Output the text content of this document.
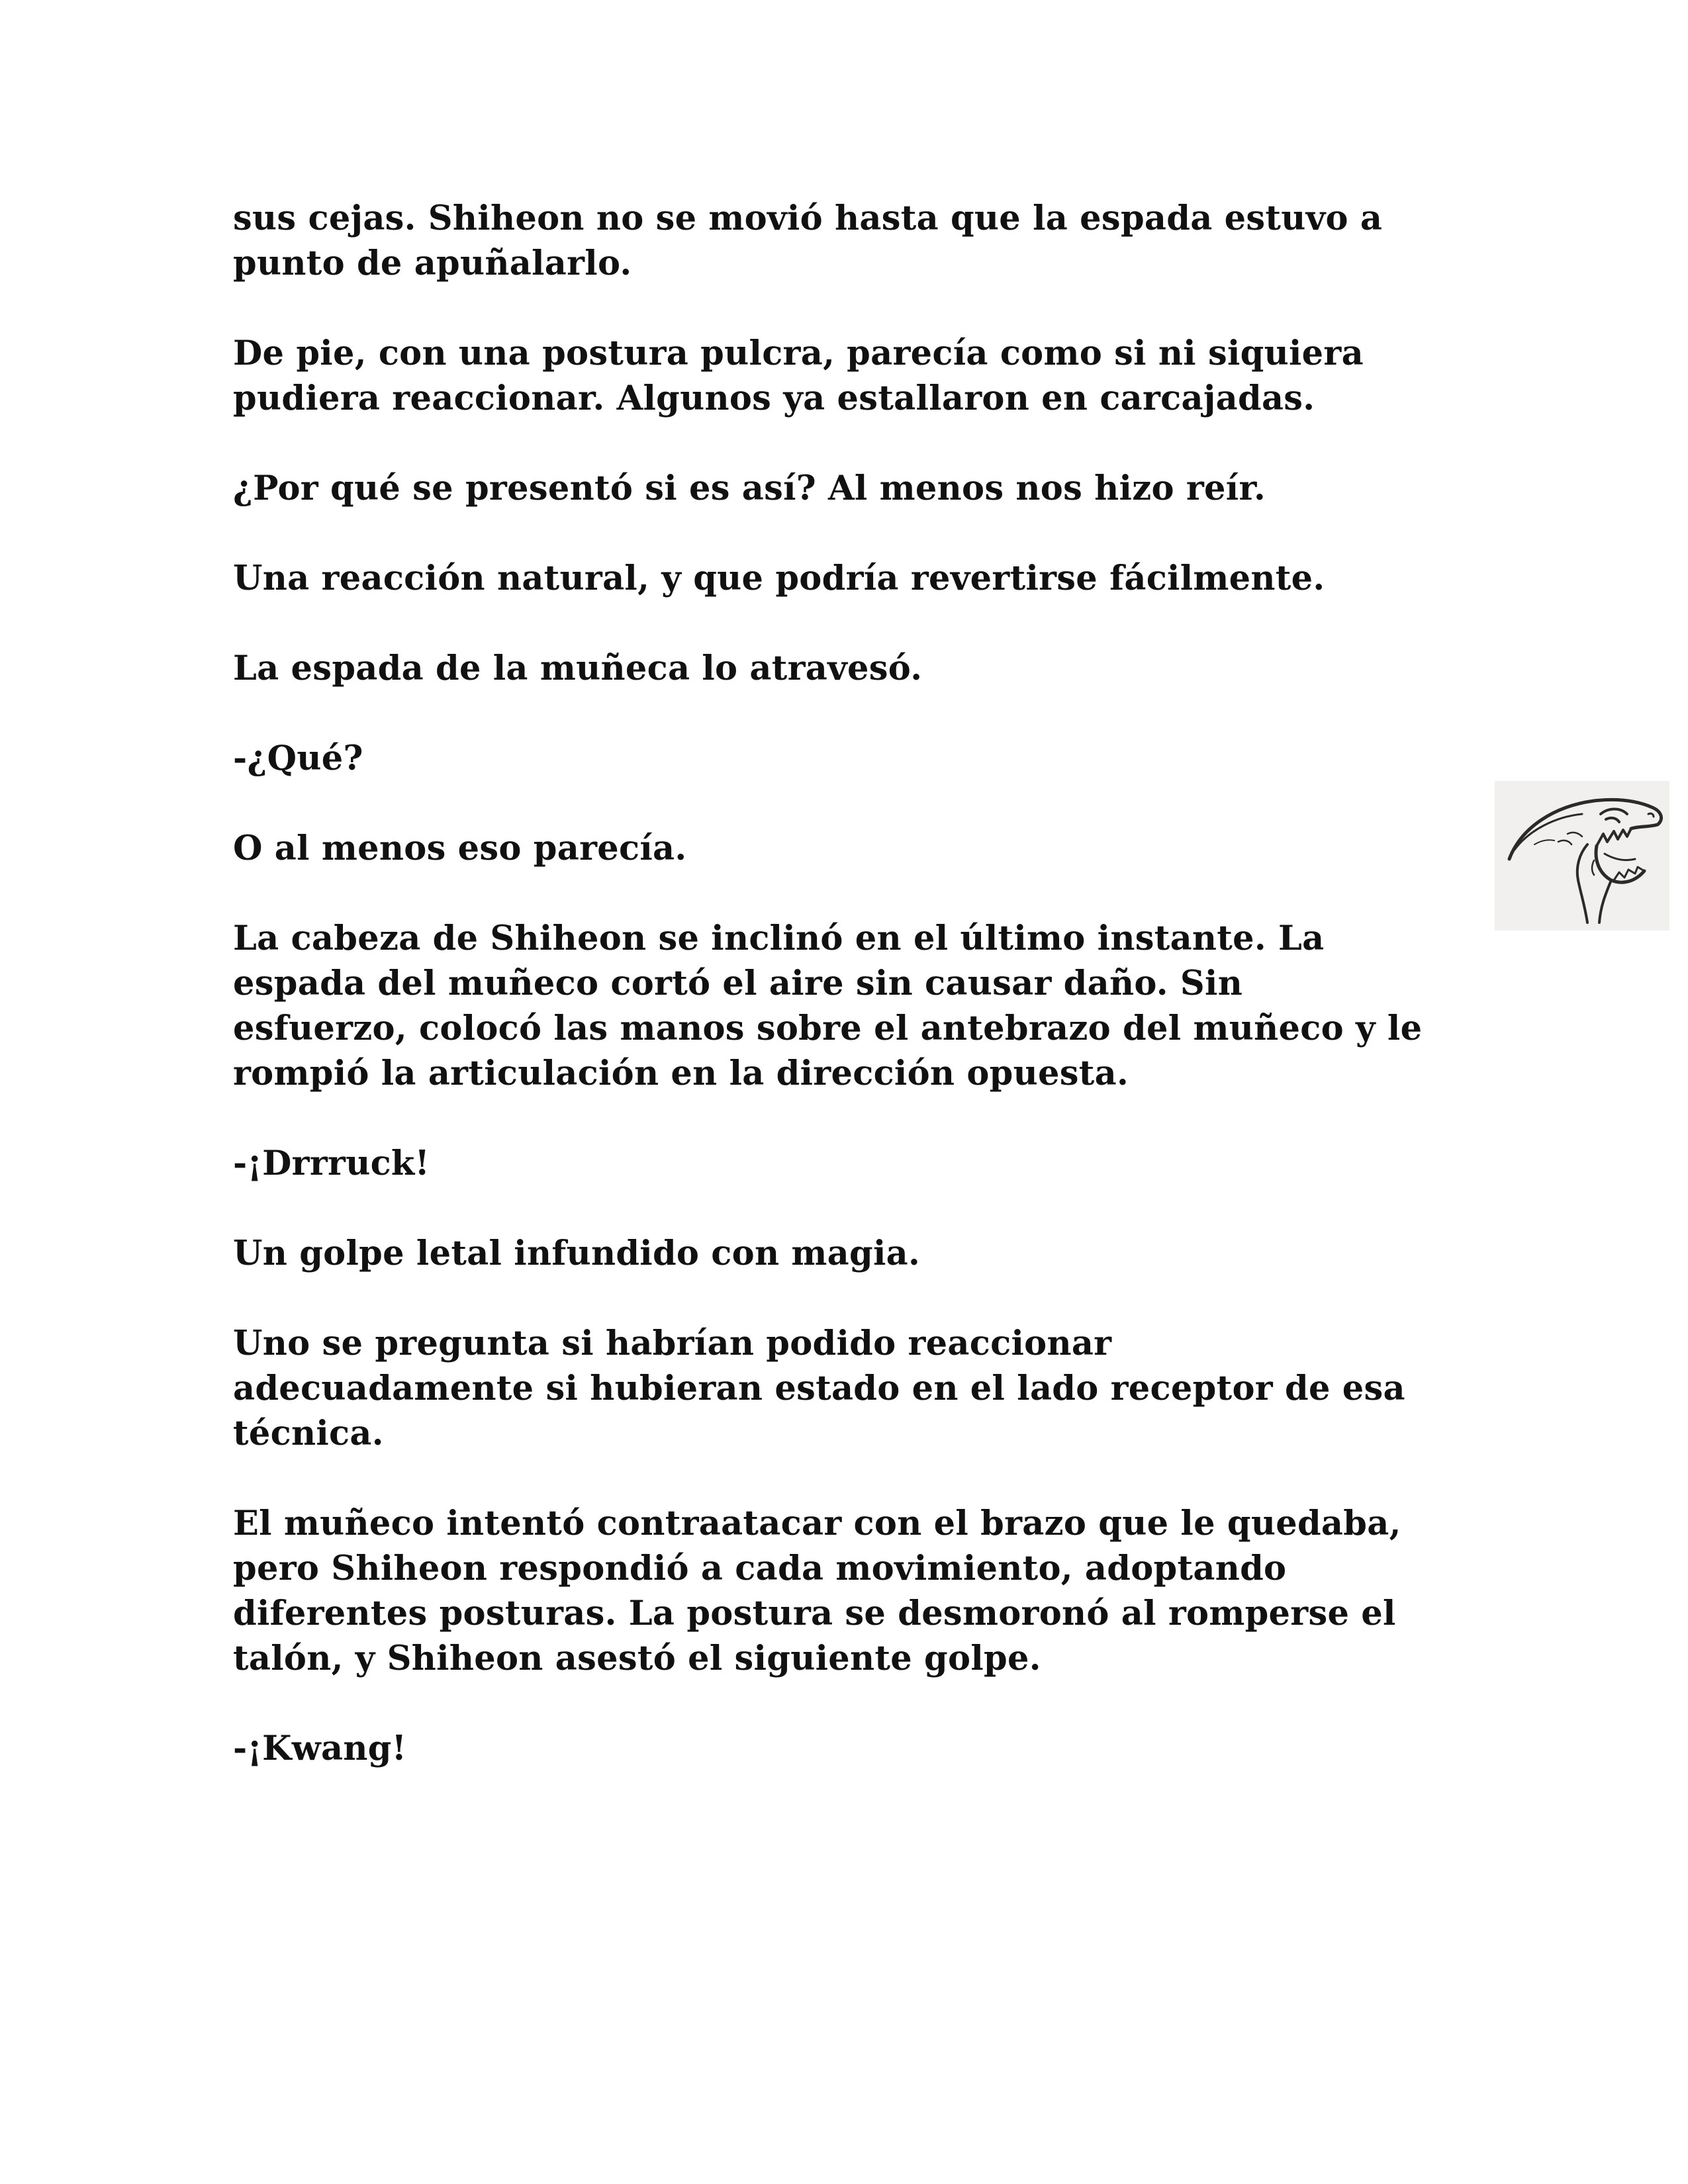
sus cejas. Shiheon no se movió hasta que la espada estuvo a
punto de apuñalarlo.

De pie, con una postura pulcra, parecía como si ni siquiera
pudiera reaccionar. Algunos ya estallaron en carcajadas.

¿Por qué se presentó si es así? Al menos nos hizo reír.

Una reacción natural, y que podría revertirse fácilmente.

La espada de la muñeca lo atravesó.

-¿Qué?

O al menos eso parecía.

La cabeza de Shiheon se inclinó en el último instante. La
espada del muñeco cortó el aire sin causar daño. Sin
esfuerzo, colocó las manos sobre el antebrazo del muñeco y le
rompió la articulación en la dirección opuesta.

-¡Drrruck!

Un golpe letal infundido con magia.

Uno se pregunta si habrían podido reaccionar
adecuadamente si hubieran estado en el lado receptor de esa
técnica.

El muñeco intentó contraatacar con el brazo que le quedaba,
pero Shiheon respondió a cada movimiento, adoptando
diferentes posturas. La postura se desmoronó al romperse el
talón, y Shiheon asestó el siguiente golpe.

-¡Kwang!
